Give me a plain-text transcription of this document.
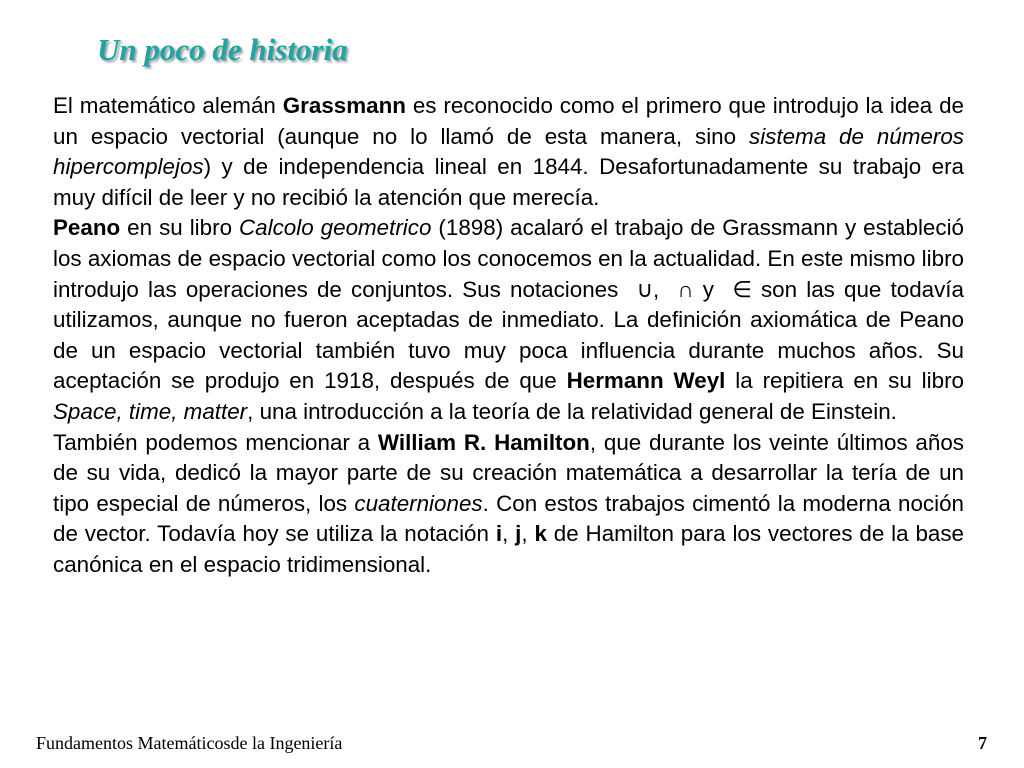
Un poco de historia

El matemático alemán Grassmann es reconocido como el primero que introdujo la idea de un espacio vectorial (aunque no lo llamó de esta manera, sino sistema de números hipercomplejos) y de independencia lineal en 1844. Desafortunadamente su trabajo era muy difícil de leer y no recibió la atención que merecía.

Peano en su libro Calcolo geometrico (1898) acalaró el trabajo de Grassmann y estableció los axiomas de espacio vectorial como los conocemos en la actualidad. En este mismo libro introdujo las operaciones de conjuntos. Sus notaciones  ∪,  ∩ y  ∈ son las que todavía utilizamos, aunque no fueron aceptadas de inmediato. La definición axiomática de Peano de un espacio vectorial también tuvo muy poca influencia durante muchos años. Su aceptación se produjo en 1918, después de que Hermann Weyl la repitiera en su libro Space, time, matter, una introducción a la teoría de la relatividad general de Einstein.

También podemos mencionar a William R. Hamilton, que durante los veinte últimos años de su vida, dedicó la mayor parte de su creación matemática a desarrollar la tería de un tipo especial de números, los cuaterniones. Con estos trabajos cimentó la moderna noción de vector. Todavía hoy se utiliza la notación i, j, k de Hamilton para los vectores de la base canónica en el espacio tridimensional.

Fundamentos Matemáticosde la Ingeniería	7
